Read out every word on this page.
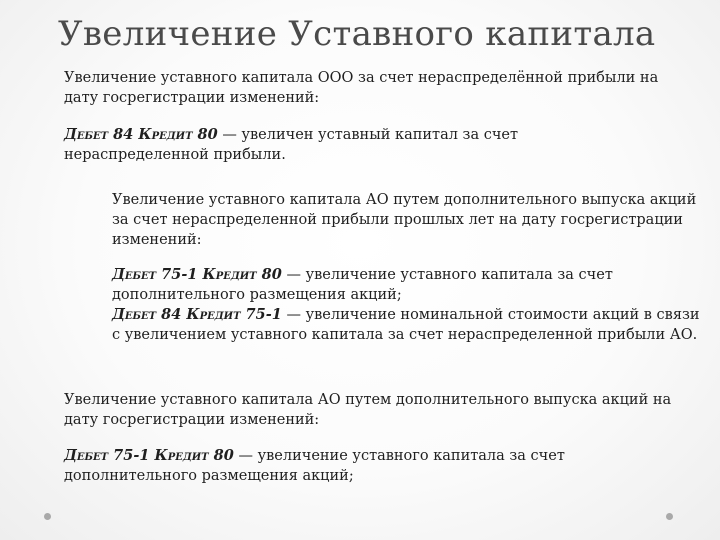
Увеличение Уставного капитала
Увеличение уставного капитала ООО за счет нераспределённой прибыли на дату госрегистрации изменений:
Дебет 84 Кредит 80 — увеличен уставный капитал за счет нераспределенной прибыли.
Увеличение уставного капитала АО путем дополнительного выпуска акций за счет нераспределенной прибыли прошлых лет на дату госрегистрации изменений:
Дебет 75-1 Кредит 80 — увеличение уставного капитала за счет дополнительного размещения акций;
Дебет 84 Кредит 75-1 — увеличение номинальной стоимости акций в связи с увеличением уставного капитала за счет нераспределенной прибыли АО.
Увеличение уставного капитала АО путем дополнительного выпуска акций на дату госрегистрации изменений:
Дебет 75-1 Кредит 80 — увеличение уставного капитала за счет дополнительного размещения акций;
